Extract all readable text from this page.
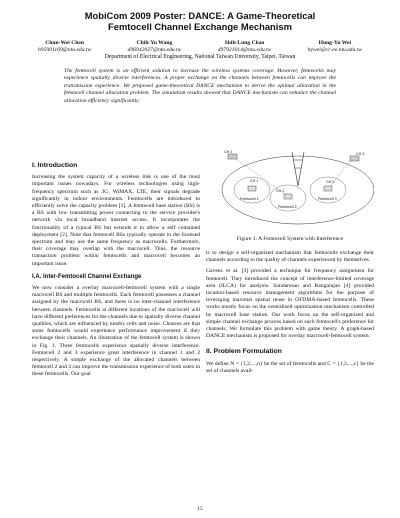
MobiCom 2009 Poster: DANCE: A Game-Theoretical
Femtocell Channel Exchange Mechanism
Chun-Wei Chen
b95901169@ntu.edu.tw
Chih-Yu Wang
d96942027@ntu.edu.tw
Shih-Lung Chao
d97921014@ntu.edu.tw
Hung-Yu Wei
hywei@cc.ee.ntu.edu.tw
Department of Electrical Engineering, National Taiwan University, Taipei, Taiwan
The femtocell system is an efficient solution to increase the wireless systems coverage. However, femtocells may experience spatially diverse interferences. A proper exchange on the channels between femtocells can improve the transmission experience. We proposed game-theoretical DANCE mechanism to derive the optimal allocation in the femtocell channel allocation problem. The simulation results showed that DANCE mechanism can enhance the channel allocation efficiency significantly.
I. Introduction

Increasing the system capacity of a wireless link is one of the most important issues nowadays. For wireless technologies using high-frequency spectrum such as 3G, WiMAX, LTE, their signals degrade significantly in indoor environments. Femtocells are introduced to efficiently solve the capacity problem [1]. A femtocell base station (BS) is a BS with low transmitting power connecting to the service provider's network via local broadband internet access. It incorporates the functionality of a typical BS but extends it to allow a self contained deployment [2]. Note that femtocell BSs typically operate in the licensed spectrum and may use the same frequency as macrocells. Furthermore, their coverage may overlap with the macrocell. Thus, the resource transaction problem within femtocells and macrocell becomes an important issue.

I.A. Inter-Femtocell Channel Exchange

We now consider a overlay macrocell-femtocell system with a single macrocell BS and multiple femtocells. Each femtocell possesses a channel assigned by the macrocell BS, and there is no inter-channel interference between channels. Femtocells at different locations of the macrocell will have different preferences for the channels due to spatially diverse channel qualities, which are influenced by nearby cells and noise. Chances are that some femtocells would experience performance improvement if they exchange their channels. An illustration of the femtocell system is shown in Fig. 1. Three femtocells experience spatially diverse interference. Femtocell 2 and 3 experience great interference in channel 1 and 2 respectively. A simple exchange of the allocated channels between femtocell 2 and 3 can improve the transmission experience of both users in these femtocells. Our goal

CH 2	CH 3
CH 1
Femtocell 1
Femtocell 2
Femtocell 3
CH 1
CH 2
Figure 1: A Femtocell System with Interference

is to design a self-organized mechanism that femtocells exchange their channels according to the quality of channels experienced by themselves.

Gavenc et al. [3] provided a technique for frequency assignment for femtocell. They introduced the concept of interference-limited coverage area (ILCA) for analysis. Sundaresan and Rangarajan [4] provided location-based resource management algorithms for the purpose of leveraging maximal spatial reuse in OFDMA-based femtocells. These works mostly focus on the centralized optimization mechanism controlled by macrocell base station. Our work focus on the self-organized and simple channel exchange process based on each femtocell's preference for channels. We formulate this problem with game theory. A graph-based DANCE mechanism is proposed for overlay macrocell-femtocell system.

II. Problem Formulation

We define N = {1,2,...,n} be the set of femtocells and C = {1,2,...,c} be the set of channels avail-

15
